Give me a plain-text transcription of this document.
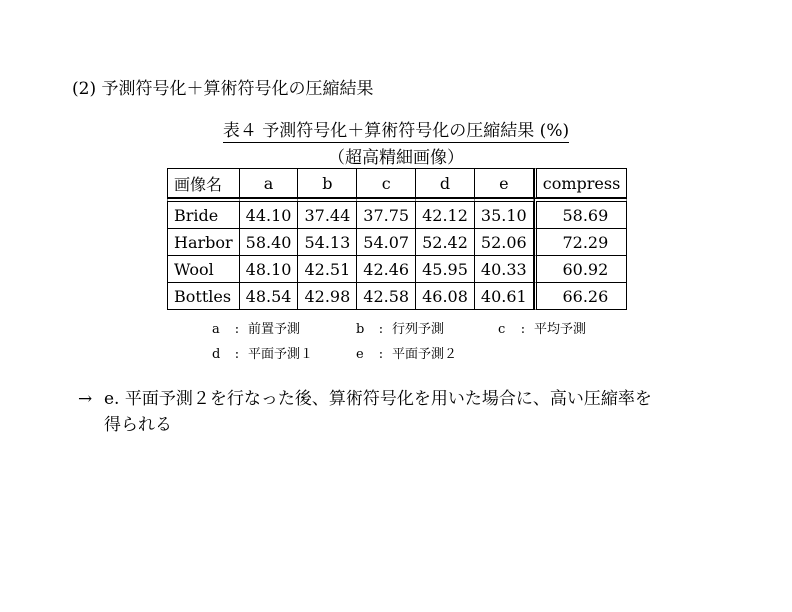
(2) 予測符号化＋算術符号化の圧縮結果
表４ 予測符号化＋算術符号化の圧縮結果 (%)
（超高精細画像）
画像名	a	b	c	d	e	compress
Bride	44.10	37.44	37.75	42.12	35.10	58.69
Harbor	58.40	54.13	54.07	52.42	52.06	72.29
Wool	48.10	42.51	42.46	45.95	40.33	60.92
Bottles	48.54	42.98	42.58	46.08	40.61	66.26
a : 前置予測	b : 行列予測	c : 平均予測
d : 平面予測１	e : 平面予測２
→ e. 平面予測２を行なった後、算術符号化を用いた場合に、高い圧縮率を
得られる
